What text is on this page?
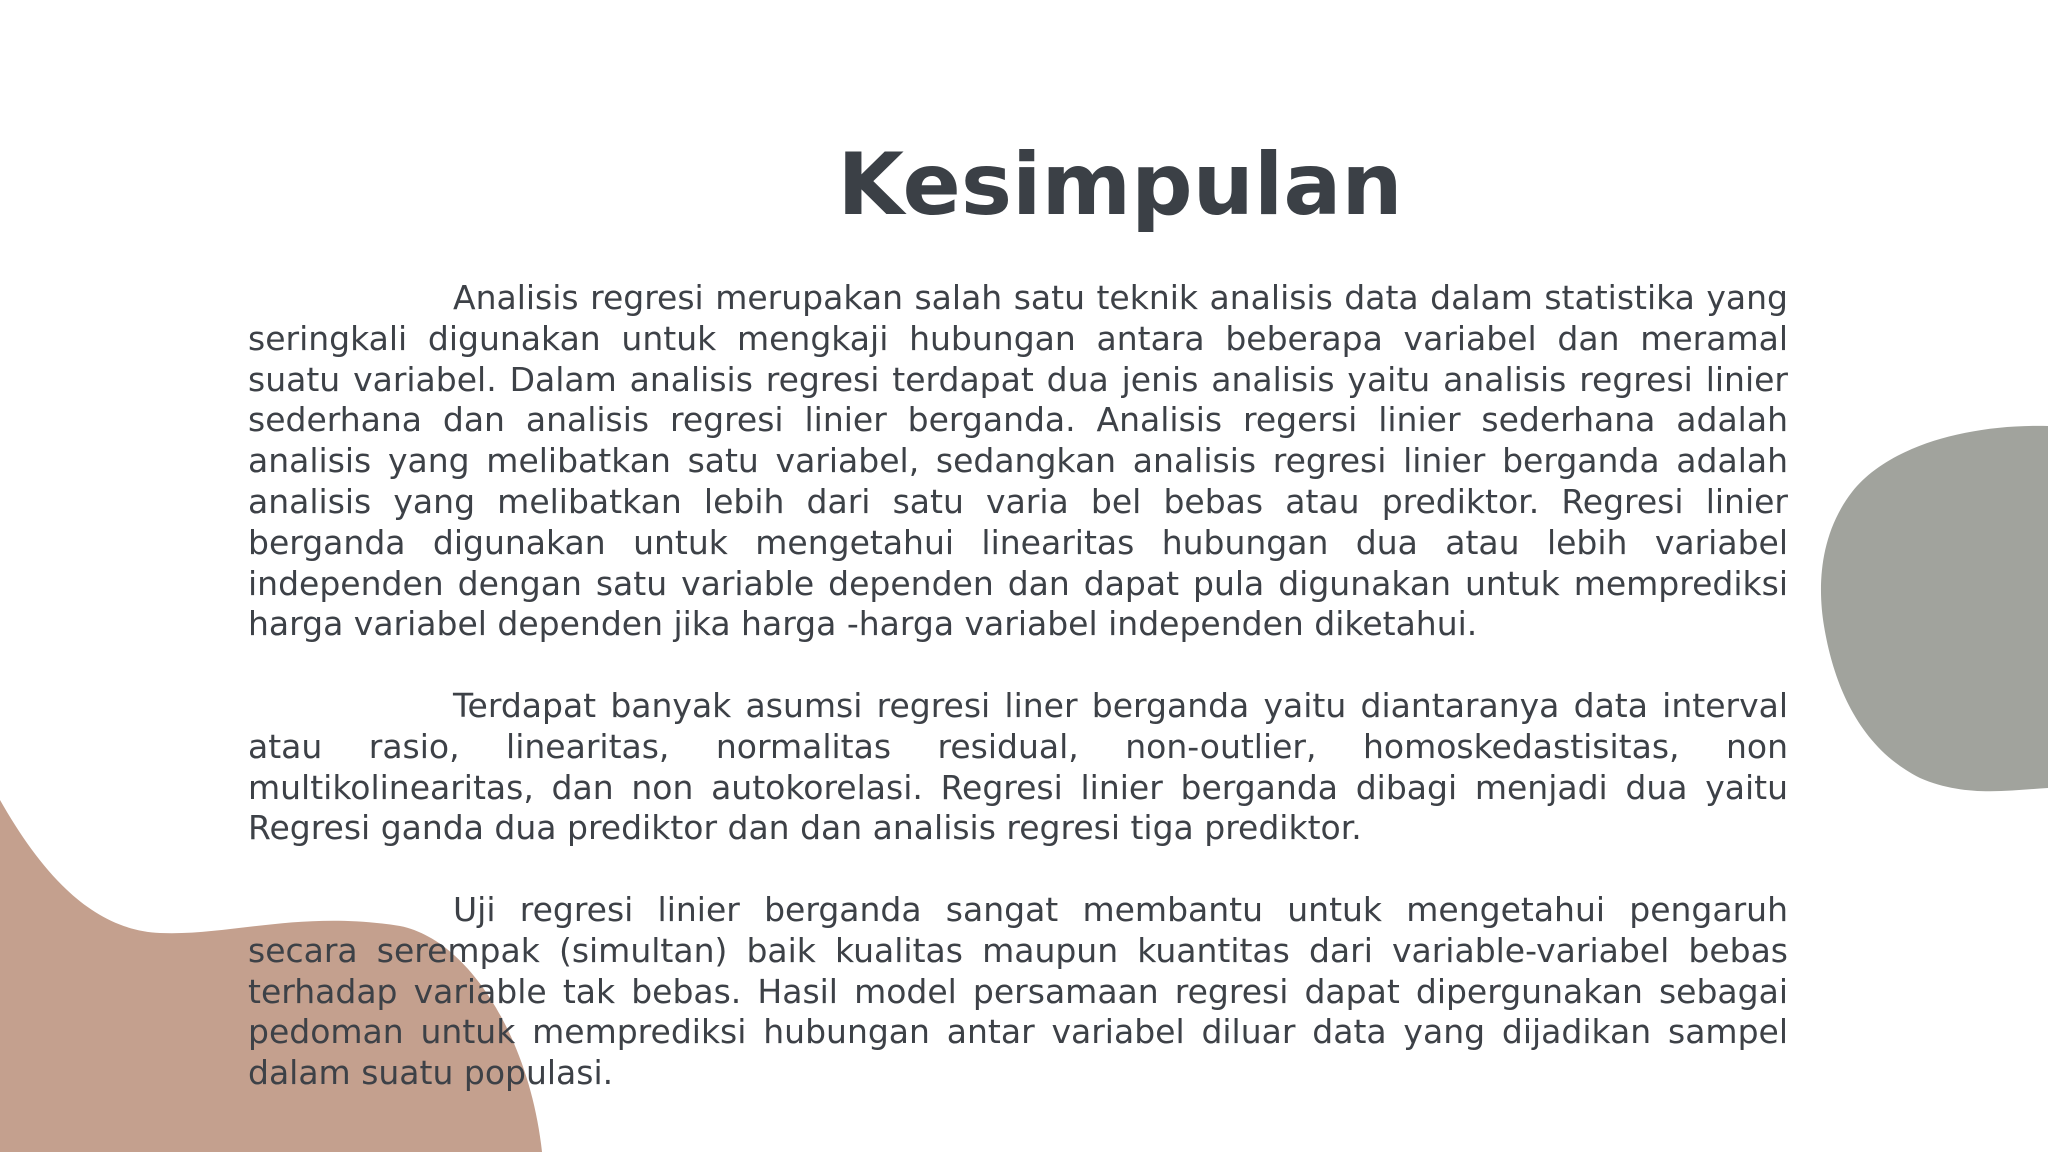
Kesimpulan

Analisis regresi merupakan salah satu teknik analisis data dalam statistika yang seringkali digunakan untuk mengkaji hubungan antara beberapa variabel dan meramal suatu variabel. Dalam analisis regresi terdapat dua jenis analisis yaitu analisis regresi linier sederhana dan analisis regresi linier berganda. Analisis regersi linier sederhana adalah analisis yang melibatkan satu variabel, sedangkan analisis regresi linier berganda adalah analisis yang melibatkan lebih dari satu varia bel bebas atau prediktor. Regresi linier berganda digunakan untuk mengetahui linearitas hubungan dua atau lebih variabel independen dengan satu variable dependen dan dapat pula digunakan untuk memprediksi harga variabel dependen jika harga -harga variabel independen diketahui.

Terdapat banyak asumsi regresi liner berganda yaitu diantaranya data interval atau rasio, linearitas, normalitas residual, non-outlier, homoskedastisitas, non multikolinearitas, dan non autokorelasi. Regresi linier berganda dibagi menjadi dua yaitu Regresi ganda dua prediktor dan dan analisis regresi tiga prediktor.

Uji regresi linier berganda sangat membantu untuk mengetahui pengaruh secara serempak (simultan) baik kualitas maupun kuantitas dari variable-variabel bebas terhadap variable tak bebas. Hasil model persamaan regresi dapat dipergunakan sebagai pedoman untuk memprediksi hubungan antar variabel diluar data yang dijadikan sampel dalam suatu populasi.
